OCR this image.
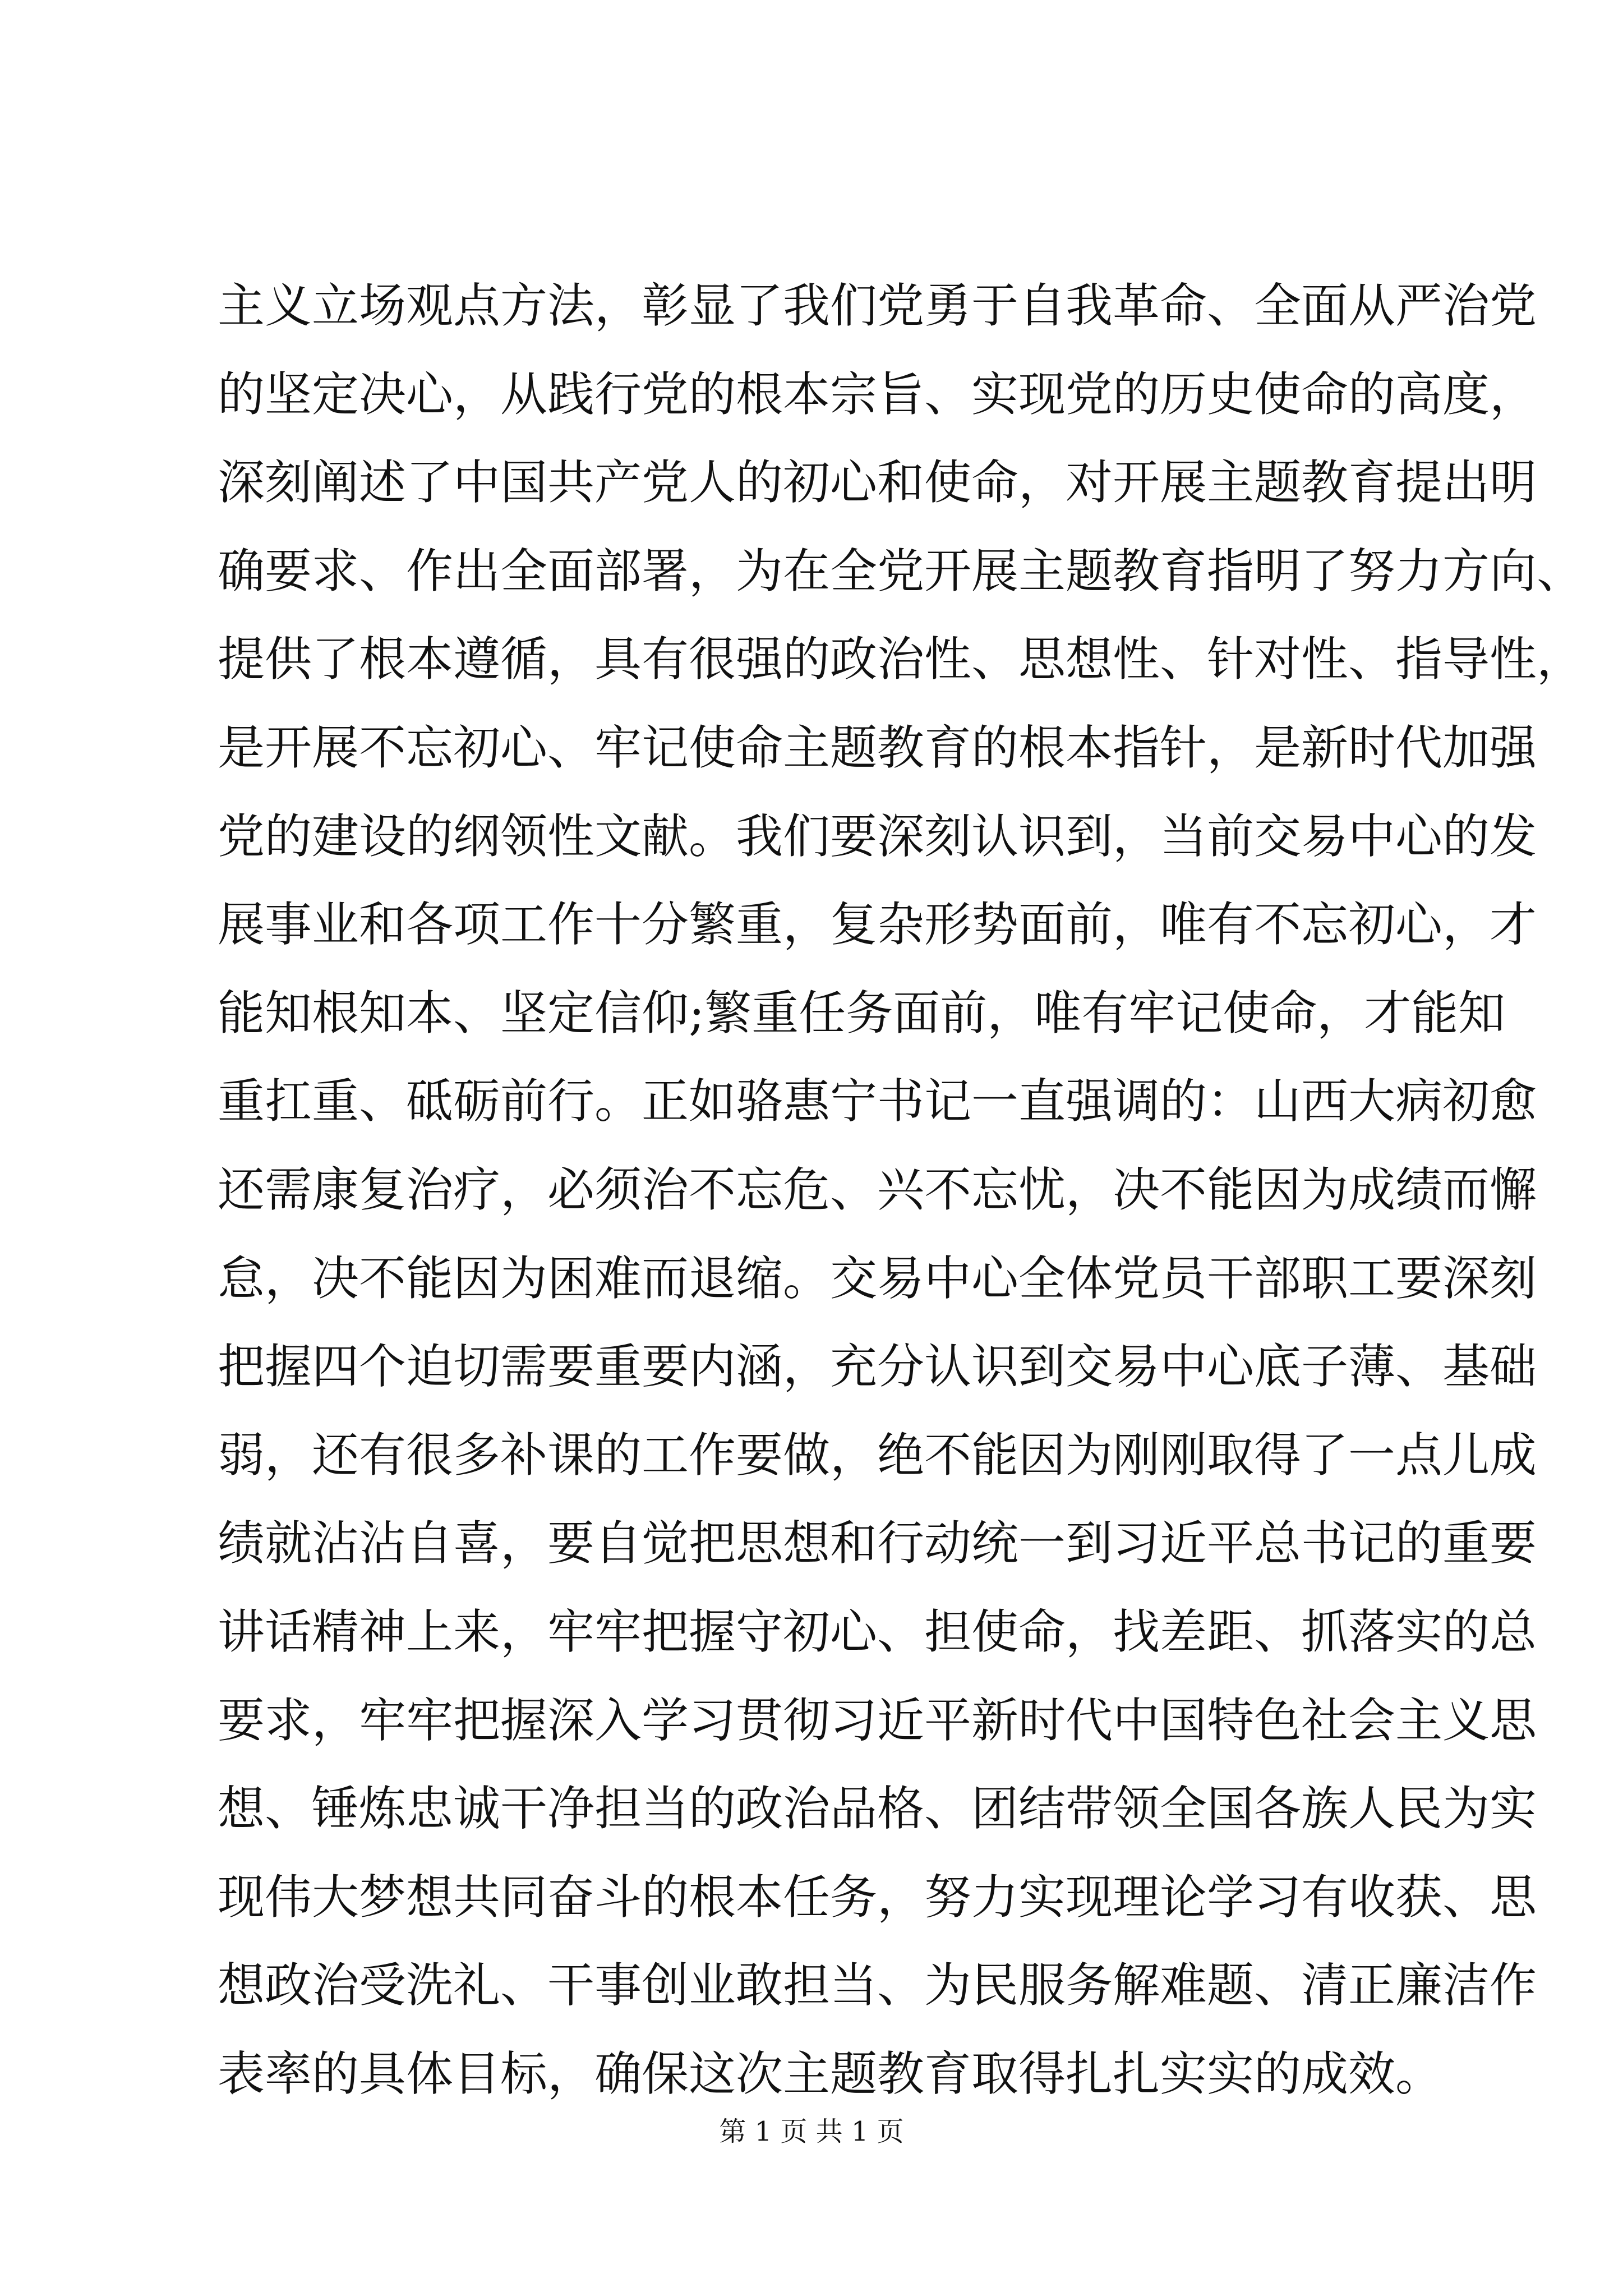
主义立场观点方法，彰显了我们党勇于自我革命、全面从严治党
的坚定决心，从践行党的根本宗旨、实现党的历史使命的高度，
深刻阐述了中国共产党人的初心和使命，对开展主题教育提出明
确要求、作出全面部署，为在全党开展主题教育指明了努力方向、
提供了根本遵循，具有很强的政治性、思想性、针对性、指导性，
是开展不忘初心、牢记使命主题教育的根本指针，是新时代加强
党的建设的纲领性文献。我们要深刻认识到，当前交易中心的发
展事业和各项工作十分繁重，复杂形势面前，唯有不忘初心，才
能知根知本、坚定信仰;繁重任务面前，唯有牢记使命，才能知
重扛重、砥砺前行。正如骆惠宁书记一直强调的：山西大病初愈
还需康复治疗，必须治不忘危、兴不忘忧，决不能因为成绩而懈
怠，决不能因为困难而退缩。交易中心全体党员干部职工要深刻
把握四个迫切需要重要内涵，充分认识到交易中心底子薄、基础
弱，还有很多补课的工作要做，绝不能因为刚刚取得了一点儿成
绩就沾沾自喜，要自觉把思想和行动统一到习近平总书记的重要
讲话精神上来，牢牢把握守初心、担使命，找差距、抓落实的总
要求，牢牢把握深入学习贯彻习近平新时代中国特色社会主义思
想、锤炼忠诚干净担当的政治品格、团结带领全国各族人民为实
现伟大梦想共同奋斗的根本任务，努力实现理论学习有收获、思
想政治受洗礼、干事创业敢担当、为民服务解难题、清正廉洁作
表率的具体目标，确保这次主题教育取得扎扎实实的成效。
第 1 页 共 1 页
